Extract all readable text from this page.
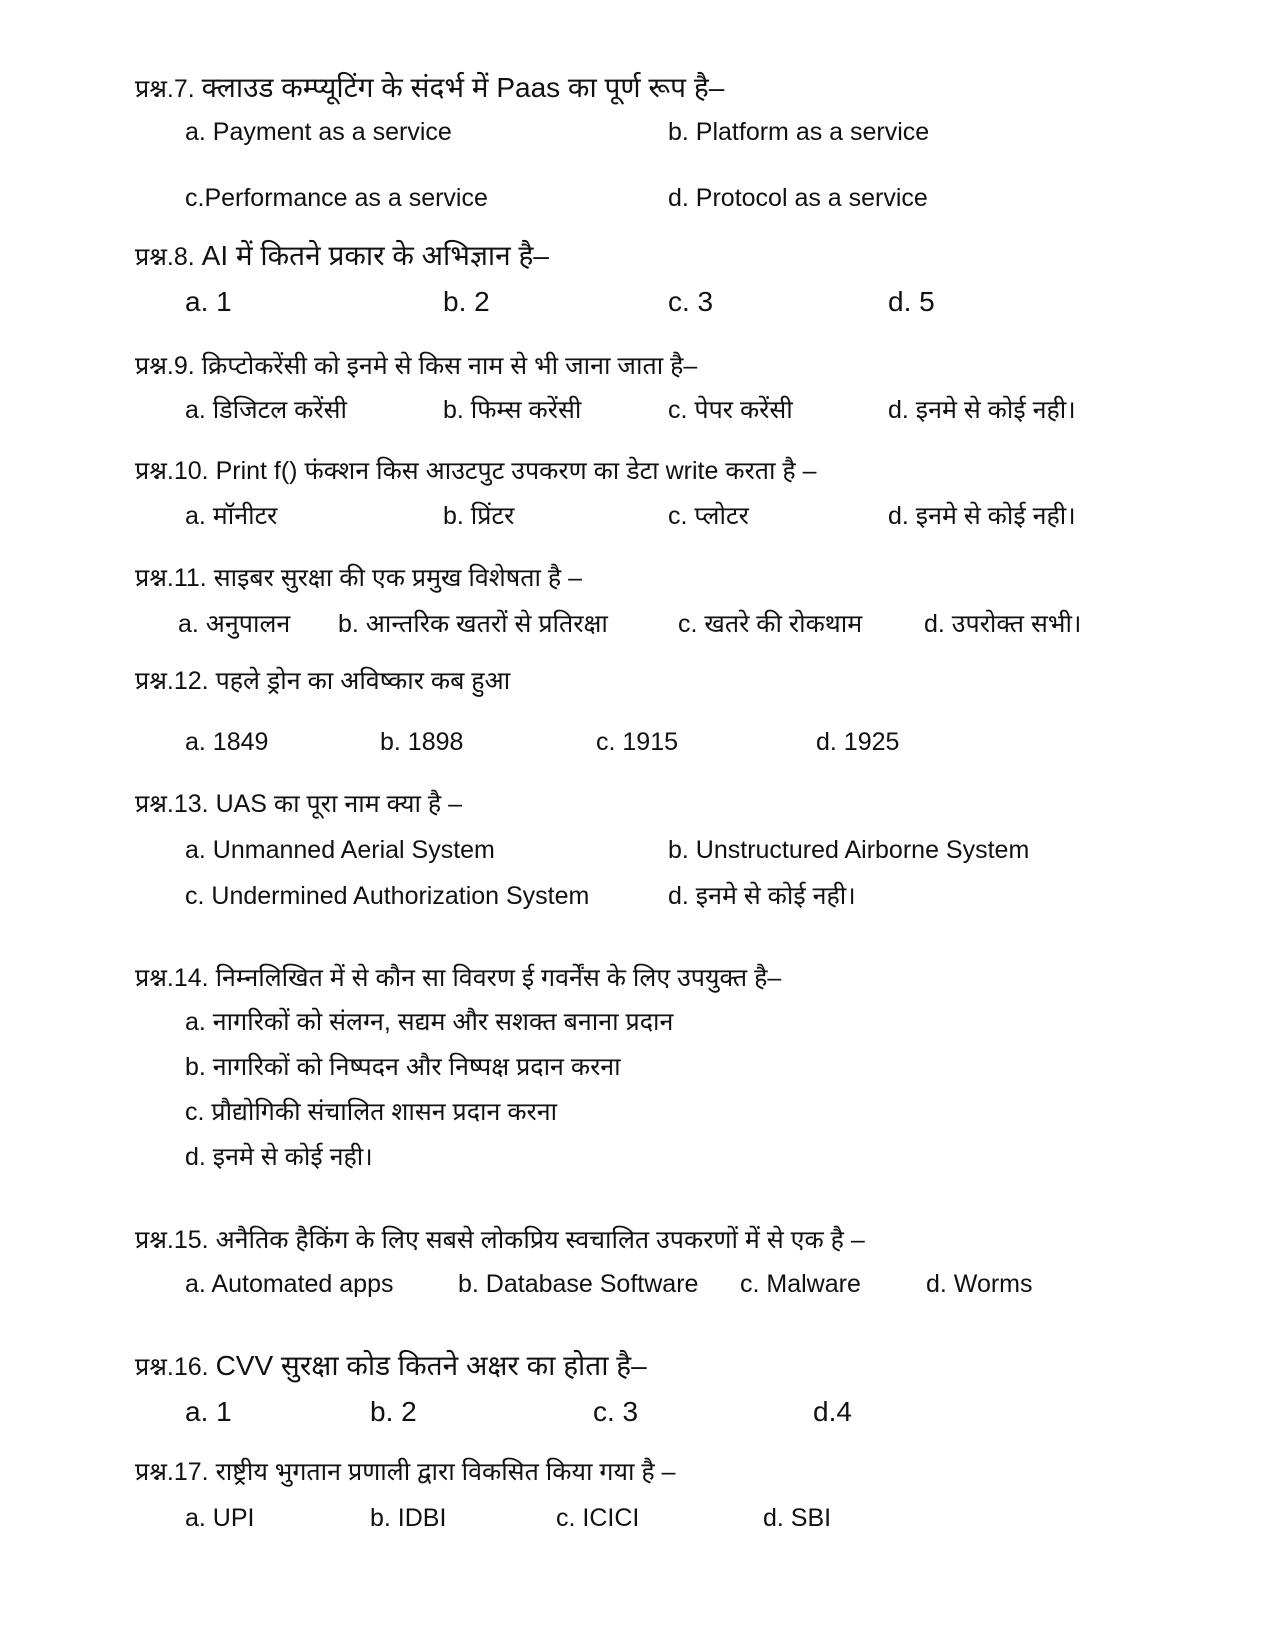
प्रश्न.7. क्लाउड कम्प्यूटिंग के संदर्भ में Paas का पूर्ण रूप है–
a. Payment as a service	b. Platform as a service
c.Performance as a service	d. Protocol as a service
प्रश्न.8. AI में कितने प्रकार के अभिज्ञान है–
a. 1	b. 2	c. 3	d. 5
प्रश्न.9. क्रिप्टोकरेंसी को इनमे से किस नाम से भी जाना जाता है–
a. डिजिटल करेंसी	b. फिम्स करेंसी	c. पेपर करेंसी	d. इनमे से कोई नही।
प्रश्न.10. Print f() फंक्शन किस आउटपुट उपकरण का डेटा write करता है –
a. मॉनीटर	b. प्रिंटर	c. प्लोटर	d. इनमे से कोई नही।
प्रश्न.11. साइबर सुरक्षा की एक प्रमुख विशेषता है –
a. अनुपालन b. आन्तरिक खतरों से प्रतिरक्षा	c. खतरे की रोकथाम d. उपरोक्त सभी।
प्रश्न.12. पहले ड्रोन का अविष्कार कब हुआ
a. 1849	b. 1898	c. 1915	d. 1925
प्रश्न.13. UAS का पूरा नाम क्या है –
a. Unmanned Aerial System	b. Unstructured Airborne System
c. Undermined Authorization System	d. इनमे से कोई नही।
प्रश्न.14. निम्नलिखित में से कौन सा विवरण ई गवर्नेंस के लिए उपयुक्त है–
a. नागरिकों को संलग्न, सद्यम और सशक्त बनाना प्रदान
b. नागरिकों को निष्पदन और निष्पक्ष प्रदान करना
c. प्रौद्योगिकी संचालित शासन प्रदान करना
d. इनमे से कोई नही।
प्रश्न.15. अनैतिक हैकिंग के लिए सबसे लोकप्रिय स्वचालित उपकरणों में से एक है –
a. Automated apps	b. Database Software c. Malware	d. Worms
प्रश्न.16. CVV सुरक्षा कोड कितने अक्षर का होता है–
a. 1	b. 2	c. 3	d.4
प्रश्न.17. राष्ट्रीय भुगतान प्रणाली द्वारा विकसित किया गया है –
a. UPI	b. IDBI	c. ICICI	d. SBI
